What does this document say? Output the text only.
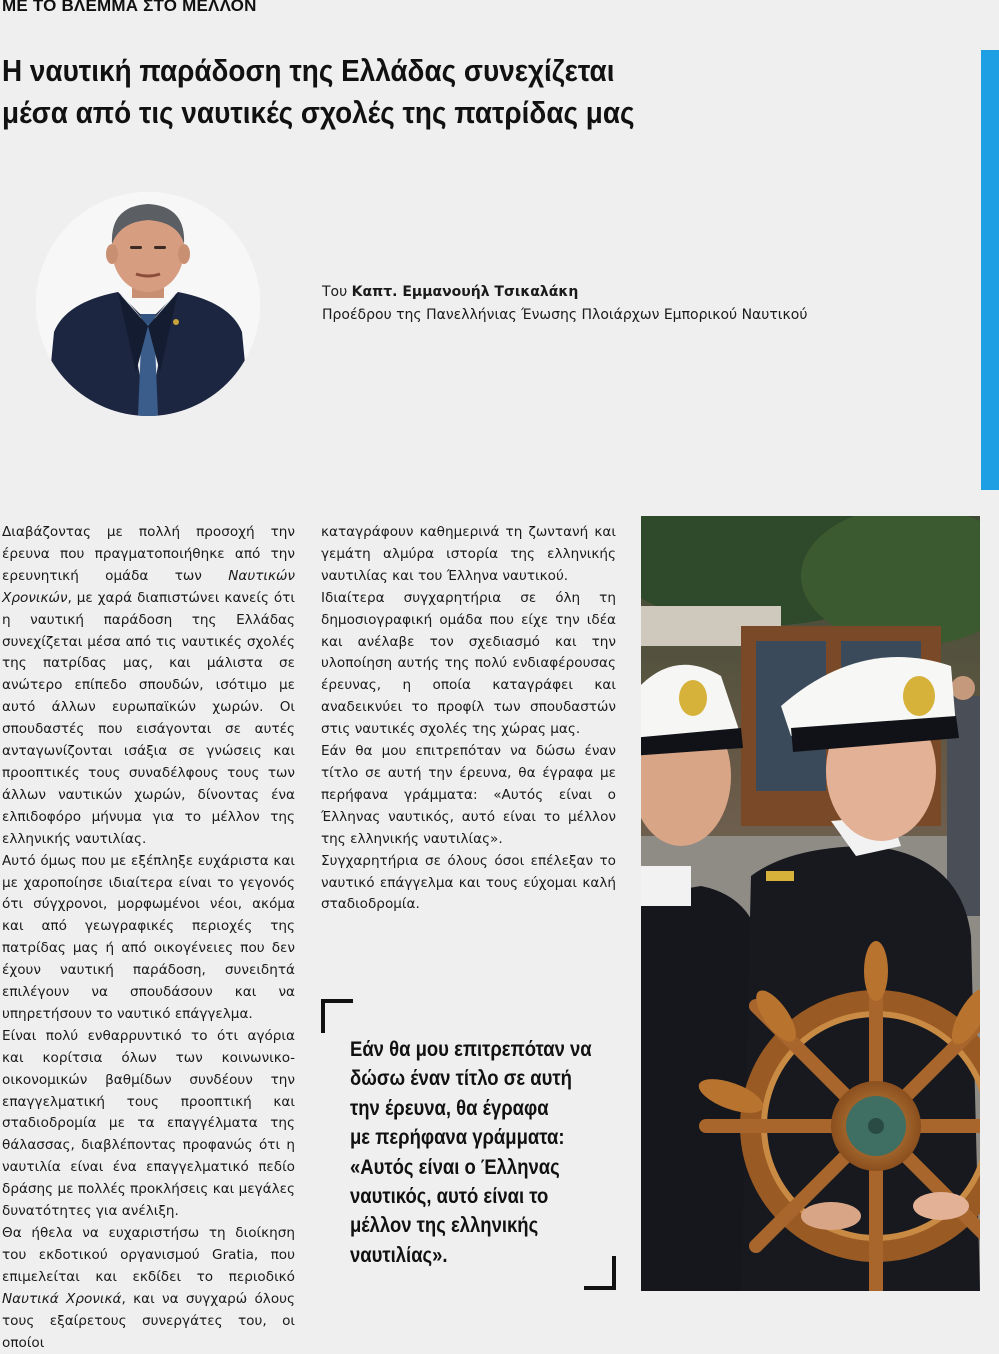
ΜΕ ΤΟ ΒΛΕΜΜΑ ΣΤΟ ΜΕΛΛΟΝ
Η ναυτική παράδοση της Ελλάδας συνεχίζεται
μέσα από τις ναυτικές σχολές της πατρίδας μας
Του Καπτ. Εμμανουήλ Τσικαλάκη
Προέδρου της Πανελλήνιας Ένωσης Πλοιάρχων Εμπορικού Ναυτικού

Διαβάζοντας με πολλή προσοχή την έρευνα που πραγματοποιήθηκε από την ερευνητική ομάδα των Ναυτικών Χρονικών, με χαρά διαπιστώνει κανείς ότι η ναυτική παράδοση της Ελλάδας συνεχίζεται μέσα από τις ναυτικές σχολές της πατρίδας μας, και μάλιστα σε ανώτερο επίπεδο σπουδών, ισότιμο με αυτό άλλων ευρωπαϊκών χωρών. Οι σπουδαστές που εισάγονται σε αυτές ανταγωνίζονται ισάξια σε γνώσεις και προοπτικές τους συναδέλφους τους των άλλων ναυτικών χωρών, δίνοντας ένα ελπιδοφόρο μήνυμα για το μέλλον της ελληνικής ναυτιλίας.

Αυτό όμως που με εξέπληξε ευχάριστα και με χαροποίησε ιδιαίτερα είναι το γεγονός ότι σύγχρονοι, μορφωμένοι νέοι, ακόμα και από γεωγραφικές περιοχές της πατρίδας μας ή από οικογένειες που δεν έχουν ναυτική παράδοση, συνειδητά επιλέγουν να σπουδάσουν και να υπηρετήσουν το ναυτικό επάγγελμα.

Είναι πολύ ενθαρρυντικό το ότι αγόρια και κορίτσια όλων των κοινωνικο-οικονομικών βαθμίδων συνδέουν την επαγγελματική τους προοπτική και σταδιοδρομία με τα επαγγέλματα της θάλασσας, διαβλέποντας προφανώς ότι η ναυτιλία είναι ένα επαγγελματικό πεδίο δράσης με πολλές προκλήσεις και μεγάλες δυνατότητες για ανέλιξη.

Θα ήθελα να ευχαριστήσω τη διοίκηση του εκδοτικού οργανισμού Gratia, που επιμελείται και εκδίδει το περιοδικό Ναυτικά Χρονικά, και να συγχαρώ όλους τους εξαίρετους συνεργάτες του, οι οποίοι

καταγράφουν καθημερινά τη ζωντανή και γεμάτη αλμύρα ιστορία της ελληνικής ναυτιλίας και του Έλληνα ναυτικού.

Ιδιαίτερα συγχαρητήρια σε όλη τη δημοσιογραφική ομάδα που είχε την ιδέα και ανέλαβε τον σχεδιασμό και την υλοποίηση αυτής της πολύ ενδιαφέρουσας έρευνας, η οποία καταγράφει και αναδεικνύει το προφίλ των σπουδαστών στις ναυτικές σχολές της χώρας μας.

Εάν θα μου επιτρεπόταν να δώσω έναν τίτλο σε αυτή την έρευνα, θα έγραφα με περήφανα γράμματα: «Αυτός είναι ο Έλληνας ναυτικός, αυτό είναι το μέλλον της ελληνικής ναυτιλίας».

Συγχαρητήρια σε όλους όσοι επέλεξαν το ναυτικό επάγγελμα και τους εύχομαι καλή σταδιοδρομία.

Εάν θα μου επιτρεπόταν να
δώσω έναν τίτλο σε αυτή
την έρευνα, θα έγραφα
με περήφανα γράμματα:
«Αυτός είναι ο Έλληνας
ναυτικός, αυτό είναι το
μέλλον της ελληνικής
ναυτιλίας».
